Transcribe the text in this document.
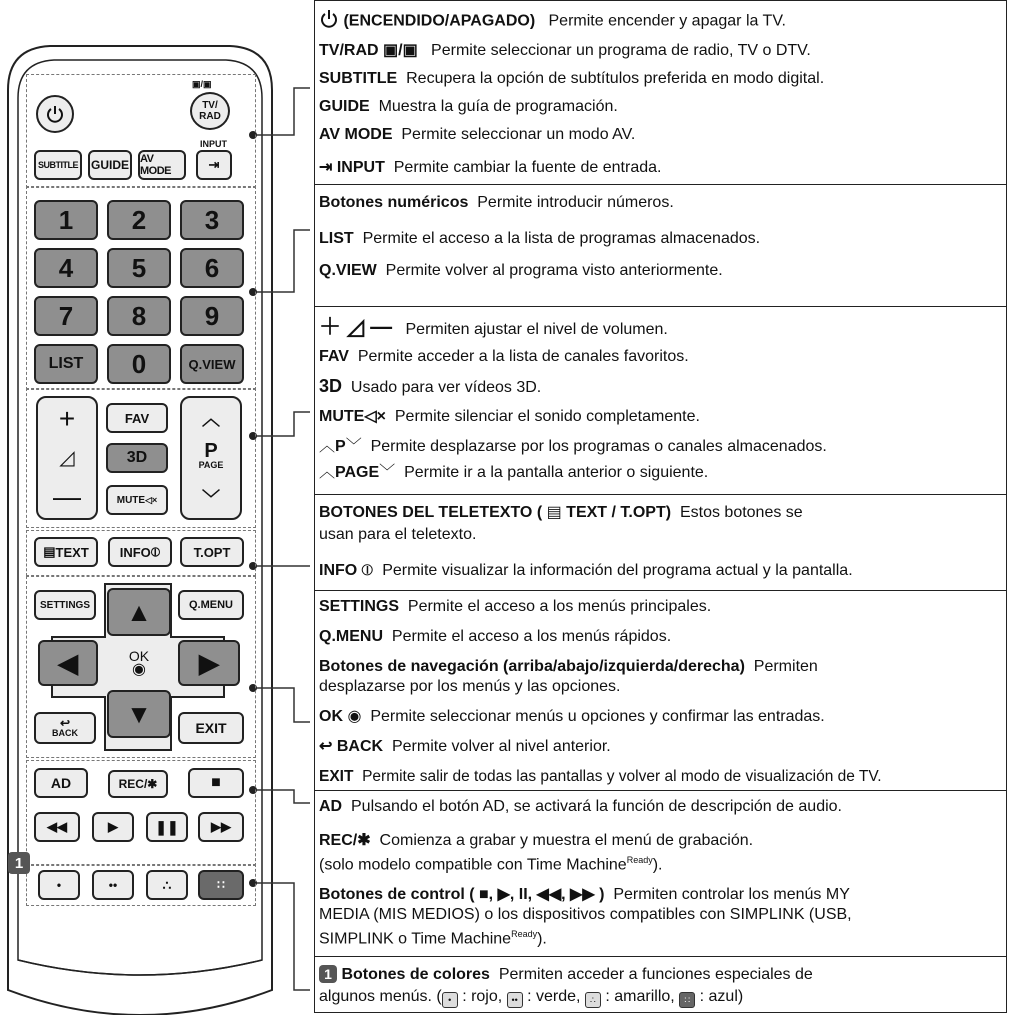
▣/▣
TV/
RAD
INPUT
SUBTITLE	GUIDE AV MODE	⇥
1	2	3
4	5	6
7	8	9
LIST	0	Q.VIEW
+
◿
—
FAV
3D
MUTE ◁×
︿
P
PAGE
﹀
▤ TEXT INFO ⦶	T.OPT
SETTINGS	Q.MENU
▲
◀	OK
◉ ▶
▼
↩
BACK	EXIT
AD	REC/✱	■
◀◀	▶	❚❚ ▶▶
1
•	••	∴	∷
(ENCENDIDO/APAGADO) Permite encender y apagar la TV.
TV/RAD ▣/▣ Permite seleccionar un programa de radio, TV o DTV.
SUBTITLE Recupera la opción de subtítulos preferida en modo digital.
GUIDE Muestra la guía de programación.
AV MODE Permite seleccionar un modo AV.
⇥ INPUT Permite cambiar la fuente de entrada.
Botones numéricos Permite introducir números.
LIST Permite el acceso a la lista de programas almacenados.
Q.VIEW Permite volver al programa visto anteriormente.
＋ ◿ — Permiten ajustar el nivel de volumen.
FAV Permite acceder a la lista de canales favoritos.
3D Usado para ver vídeos 3D.
MUTE◁× Permite silenciar el sonido completamente.
︿P﹀ Permite desplazarse por los programas o canales almacenados.
︿PAGE﹀ Permite ir a la pantalla anterior o siguiente.
BOTONES DEL TELETEXTO ( ▤ TEXT / T.OPT) Estos botones se
usan para el teletexto.
INFO ⦶ Permite visualizar la información del programa actual y la pantalla.
SETTINGS Permite el acceso a los menús principales.
Q.MENU Permite el acceso a los menús rápidos.
Botones de navegación (arriba/abajo/izquierda/derecha) Permiten
desplazarse por los menús y las opciones.
OK ◉ Permite seleccionar menús u opciones y confirmar las entradas.
↩ BACK Permite volver al nivel anterior.
EXIT Permite salir de todas las pantallas y volver al modo de visualización de TV.
AD Pulsando el botón AD, se activará la función de descripción de audio.
REC/✱ Comienza a grabar y muestra el menú de grabación.
(solo modelo compatible con Time Machine$^{Ready}$).
Botones de control ( ■, ▶, II, ◀◀, ▶▶ ) Permiten controlar los menús MY
MEDIA (MIS MEDIOS) o los dispositivos compatibles con SIMPLINK (USB,
SIMPLINK o Time Machine$^{Ready}$).
1 Botones de colores Permiten acceder a funciones especiales de
algunos menús. ( • : rojo, •• : verde, ∴ : amarillo, ∷ : azul)
